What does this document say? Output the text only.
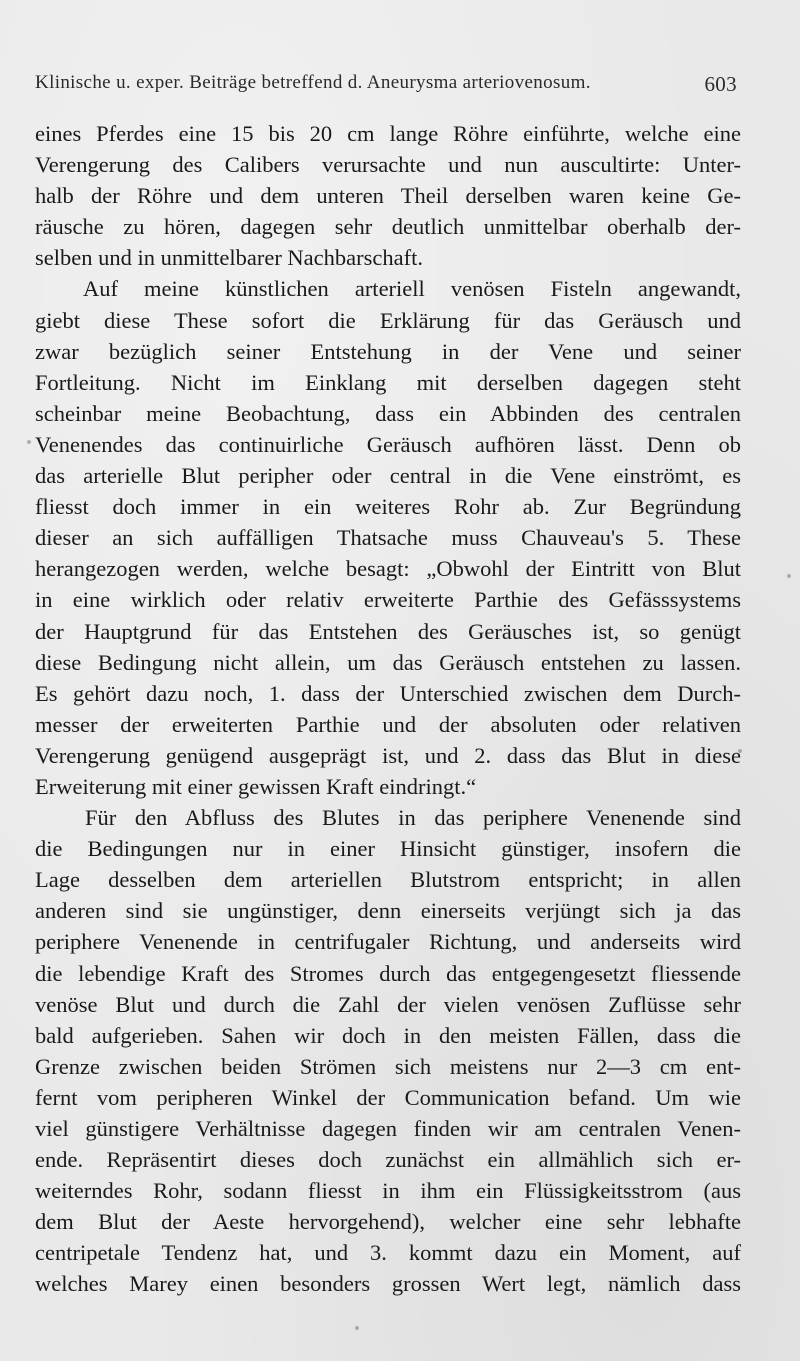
Klinische u. exper. Beiträge betreffend d. Aneurysma arteriovenosum.	603
eines Pferdes eine 15 bis 20 cm lange Röhre einführte, welche eine
Verengerung des Calibers verursachte und nun auscultirte: Unter-
halb der Röhre und dem unteren Theil derselben waren keine Ge-
räusche zu hören, dagegen sehr deutlich unmittelbar oberhalb der-
selben und in unmittelbarer Nachbarschaft.
Auf meine künstlichen arteriell venösen Fisteln angewandt,
giebt diese These sofort die Erklärung für das Geräusch und
zwar bezüglich seiner Entstehung in der Vene und seiner
Fortleitung. Nicht im Einklang mit derselben dagegen steht
scheinbar meine Beobachtung, dass ein Abbinden des centralen
Venenendes das continuirliche Geräusch aufhören lässt. Denn ob
das arterielle Blut peripher oder central in die Vene einströmt, es
fliesst doch immer in ein weiteres Rohr ab. Zur Begründung
dieser an sich auffälligen Thatsache muss Chauveau's 5. These
herangezogen werden, welche besagt: „Obwohl der Eintritt von Blut
in eine wirklich oder relativ erweiterte Parthie des Gefässsystems
der Hauptgrund für das Entstehen des Geräusches ist, so genügt
diese Bedingung nicht allein, um das Geräusch entstehen zu lassen.
Es gehört dazu noch, 1. dass der Unterschied zwischen dem Durch-
messer der erweiterten Parthie und der absoluten oder relativen
Verengerung genügend ausgeprägt ist, und 2. dass das Blut in diese
Erweiterung mit einer gewissen Kraft eindringt.“
Für den Abfluss des Blutes in das periphere Venenende sind
die Bedingungen nur in einer Hinsicht günstiger, insofern die
Lage desselben dem arteriellen Blutstrom entspricht; in allen
anderen sind sie ungünstiger, denn einerseits verjüngt sich ja das
periphere Venenende in centrifugaler Richtung, und anderseits wird
die lebendige Kraft des Stromes durch das entgegengesetzt fliessende
venöse Blut und durch die Zahl der vielen venösen Zuflüsse sehr
bald aufgerieben. Sahen wir doch in den meisten Fällen, dass die
Grenze zwischen beiden Strömen sich meistens nur 2—3 cm ent-
fernt vom peripheren Winkel der Communication befand. Um wie
viel günstigere Verhältnisse dagegen finden wir am centralen Venen-
ende. Repräsentirt dieses doch zunächst ein allmählich sich er-
weiterndes Rohr, sodann fliesst in ihm ein Flüssigkeitsstrom (aus
dem Blut der Aeste hervorgehend), welcher eine sehr lebhafte
centripetale Tendenz hat, und 3. kommt dazu ein Moment, auf
welches Marey einen besonders grossen Wert legt, nämlich dass
